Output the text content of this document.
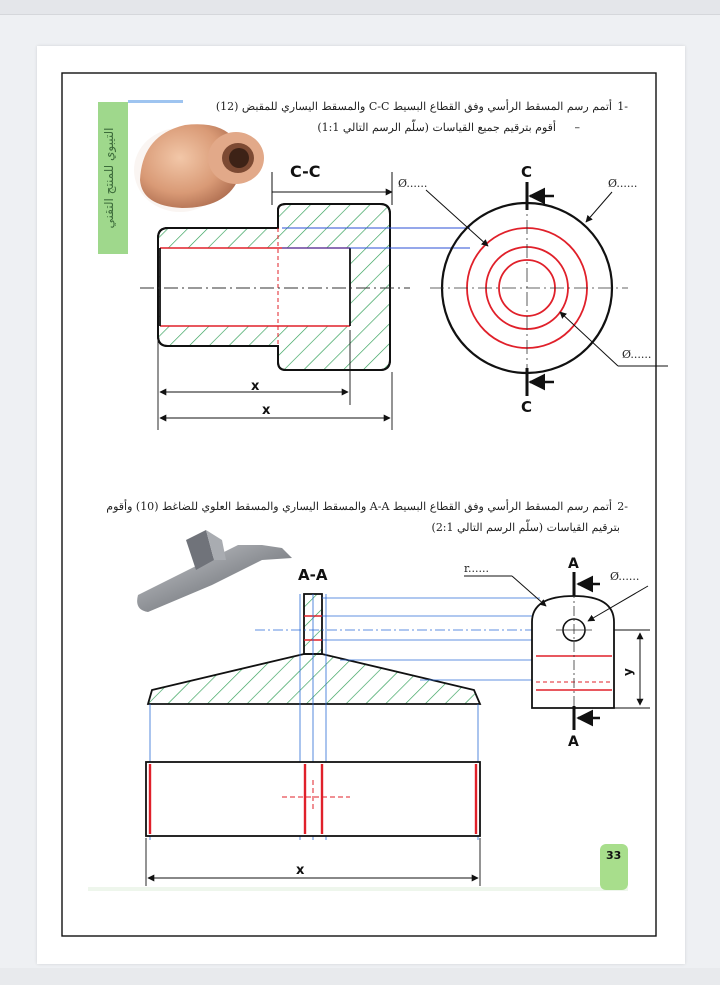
التيبوي للمنتج التقني
-1
أتمم رسم المسقط الرأسي وفق القطاع البسيط C-C والمسقط اليساري للمقبض (12)
–
أقوم بترقيم جميع القياسات (سلّم الرسم التالي 1:1)
C-C
x
x
C
C
Ø......	Ø......
Ø......
-2
أتمم رسم المسقط الرأسي وفق القطاع البسيط A-A والمسقط اليساري والمسقط العلوي للضاغط (10) وأقوم
بترقيم القياسات (سلّم الرسم التالي 2:1)
A-A
A
A
r......
Ø......
y
x
33
